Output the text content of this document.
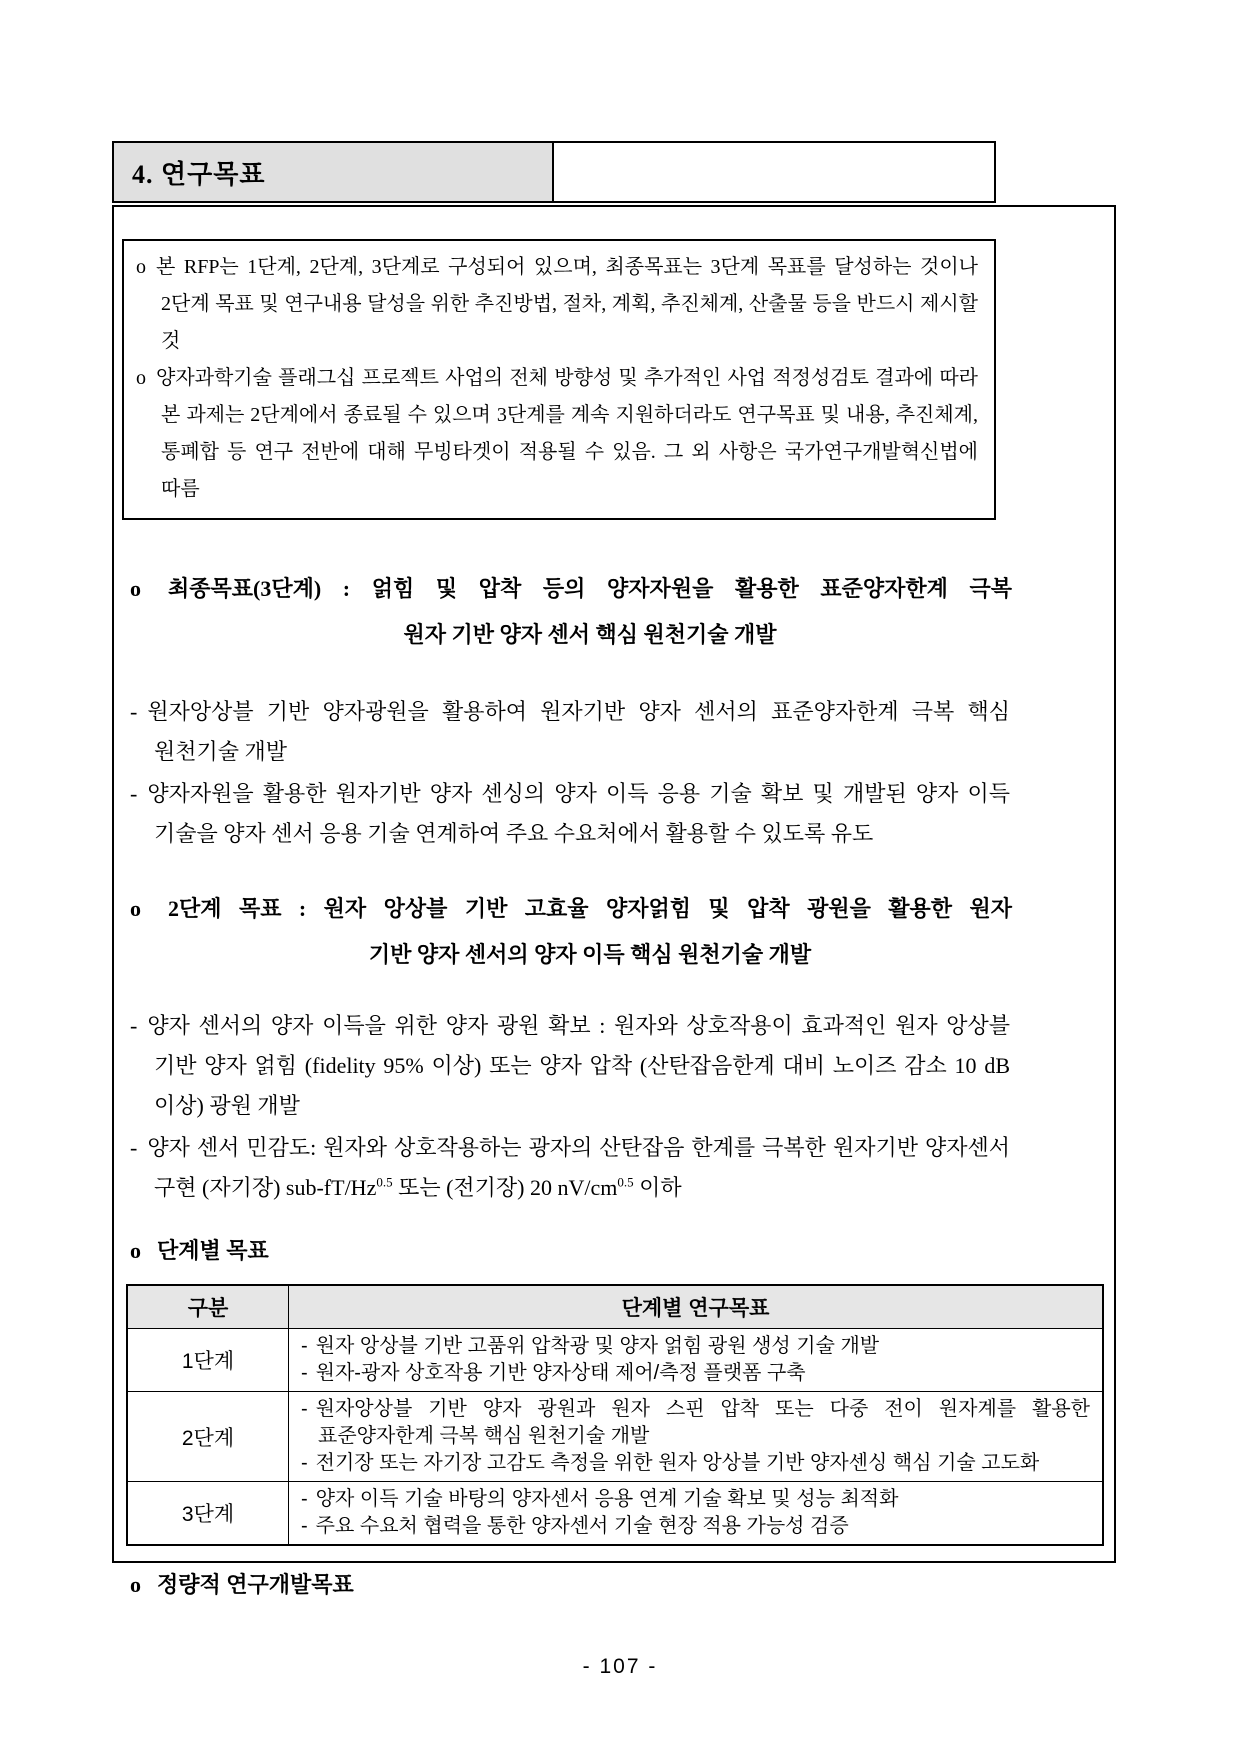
4. 연구목표
o 본 RFP는 1단계, 2단계, 3단계로 구성되어 있으며, 최종목표는 3단계 목표를 달성하는 것이나 2단계 목표 및 연구내용 달성을 위한 추진방법, 절차, 계획, 추진체계, 산출물 등을 반드시 제시할 것
o 양자과학기술 플래그십 프로젝트 사업의 전체 방향성 및 추가적인 사업 적정성검토 결과에 따라 본 과제는 2단계에서 종료될 수 있으며 3단계를 계속 지원하더라도 연구목표 및 내용, 추진체계, 통폐합 등 연구 전반에 대해 무빙타겟이 적용될 수 있음. 그 외 사항은 국가연구개발혁신법에 따름
o	최종목표(3단계) : 얽힘 및 압착 등의 양자자원을 활용한 표준양자한계 극복
원자 기반 양자 센서 핵심 원천기술 개발
- 원자앙상블 기반 양자광원을 활용하여 원자기반 양자 센서의 표준양자한계 극복 핵심 원천기술 개발
- 양자자원을 활용한 원자기반 양자 센싱의 양자 이득 응용 기술 확보 및 개발된 양자 이득 기술을 양자 센서 응용 기술 연계하여 주요 수요처에서 활용할 수 있도록 유도
o	2단계 목표 : 원자 앙상블 기반 고효율 양자얽힘 및 압착 광원을 활용한 원자
기반 양자 센서의 양자 이득 핵심 원천기술 개발
- 양자 센서의 양자 이득을 위한 양자 광원 확보 : 원자와 상호작용이 효과적인 원자 앙상블 기반 양자 얽힘 (fidelity 95% 이상) 또는 양자 압착 (산탄잡음한계 대비 노이즈 감소 10 dB 이상) 광원 개발
- 양자 센서 민감도: 원자와 상호작용하는 광자의 산탄잡음 한계를 극복한 원자기반 양자센서 구현 (자기장) sub-$fT/Hz^{0.5}$ 또는 (전기장) 20 $nV/cm^{0.5}$ 이하
o 단계별 목표
구분	단계별 연구목표
1단계	- 원자 앙상블 기반 고품위 압착광 및 양자 얽힘 광원 생성 기술 개발
- 원자-광자 상호작용 기반 양자상태 제어/측정 플랫폼 구축

2단계	- 원자앙상블 기반 양자 광원과 원자 스핀 압착 또는 다중 전이 원자계를 활용한 표준양자한계 극복 핵심 원천기술 개발
- 전기장 또는 자기장 고감도 측정을 위한 원자 앙상블 기반 양자센싱 핵심 기술 고도화

3단계	- 양자 이득 기술 바탕의 양자센서 응용 연계 기술 확보 및 성능 최적화
- 주요 수요처 협력을 통한 양자센서 기술 현장 적용 가능성 검증
o 정량적 연구개발목표
- 107 -
